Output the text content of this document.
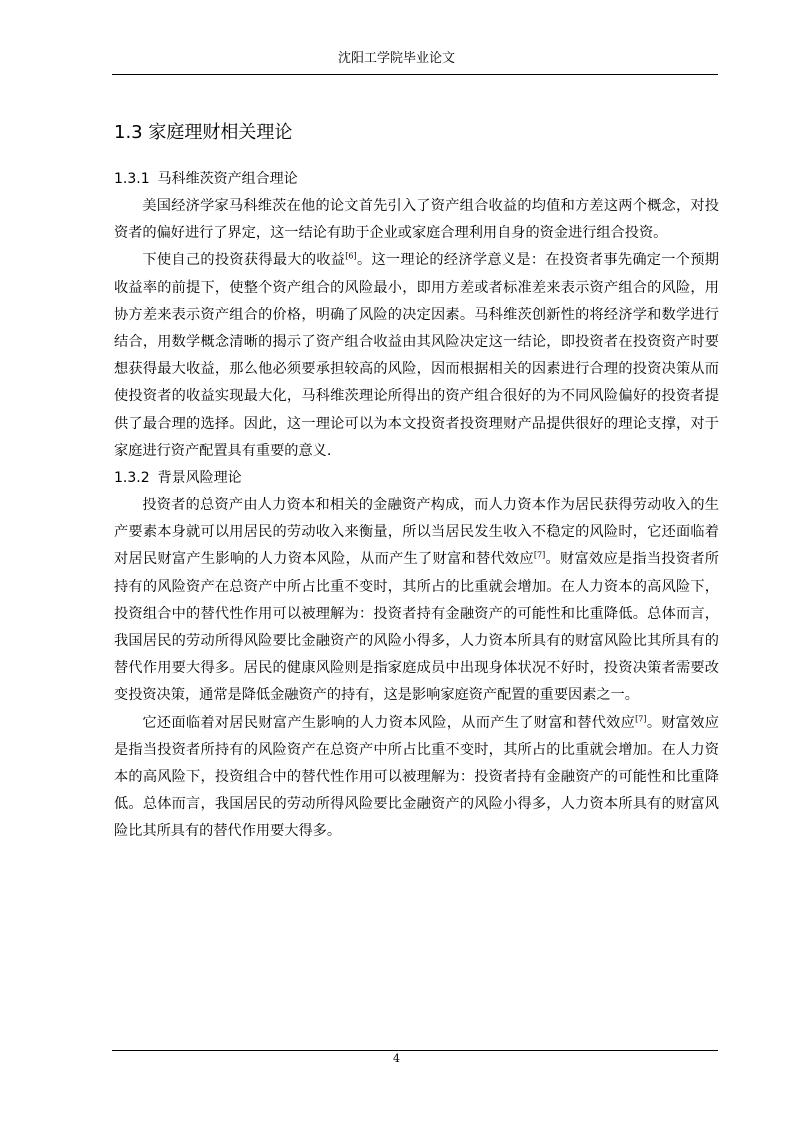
沈阳工学院毕业论文
1.3 家庭理财相关理论
1.3.1 马科维茨资产组合理论

美国经济学家马科维茨在他的论文首先引入了资产组合收益的均值和方差这两个概念，对投资者的偏好进行了界定，这一结论有助于企业或家庭合理利用自身的资金进行组合投资。

下使自己的投资获得最大的收益[6]。这一理论的经济学意义是：在投资者事先确定一个预期收益率的前提下，使整个资产组合的风险最小，即用方差或者标准差来表示资产组合的风险，用协方差来表示资产组合的价格，明确了风险的决定因素。马科维茨创新性的将经济学和数学进行结合，用数学概念清晰的揭示了资产组合收益由其风险决定这一结论，即投资者在投资资产时要想获得最大收益，那么他必须要承担较高的风险，因而根据相关的因素进行合理的投资决策从而使投资者的收益实现最大化，马科维茨理论所得出的资产组合很好的为不同风险偏好的投资者提供了最合理的选择。因此，这一理论可以为本文投资者投资理财产品提供很好的理论支撑，对于家庭进行资产配置具有重要的意义.

1.3.2 背景风险理论

投资者的总资产由人力资本和相关的金融资产构成，而人力资本作为居民获得劳动收入的生产要素本身就可以用居民的劳动收入来衡量，所以当居民发生收入不稳定的风险时，它还面临着对居民财富产生影响的人力资本风险，从而产生了财富和替代效应[7]。财富效应是指当投资者所持有的风险资产在总资产中所占比重不变时，其所占的比重就会增加。在人力资本的高风险下，投资组合中的替代性作用可以被理解为：投资者持有金融资产的可能性和比重降低。总体而言，我国居民的劳动所得风险要比金融资产的风险小得多，人力资本所具有的财富风险比其所具有的替代作用要大得多。居民的健康风险则是指家庭成员中出现身体状况不好时，投资决策者需要改变投资决策，通常是降低金融资产的持有，这是影响家庭资产配置的重要因素之一。

它还面临着对居民财富产生影响的人力资本风险，从而产生了财富和替代效应[7]。财富效应是指当投资者所持有的风险资产在总资产中所占比重不变时，其所占的比重就会增加。在人力资本的高风险下，投资组合中的替代性作用可以被理解为：投资者持有金融资产的可能性和比重降低。总体而言，我国居民的劳动所得风险要比金融资产的风险小得多，人力资本所具有的财富风险比其所具有的替代作用要大得多。

4
